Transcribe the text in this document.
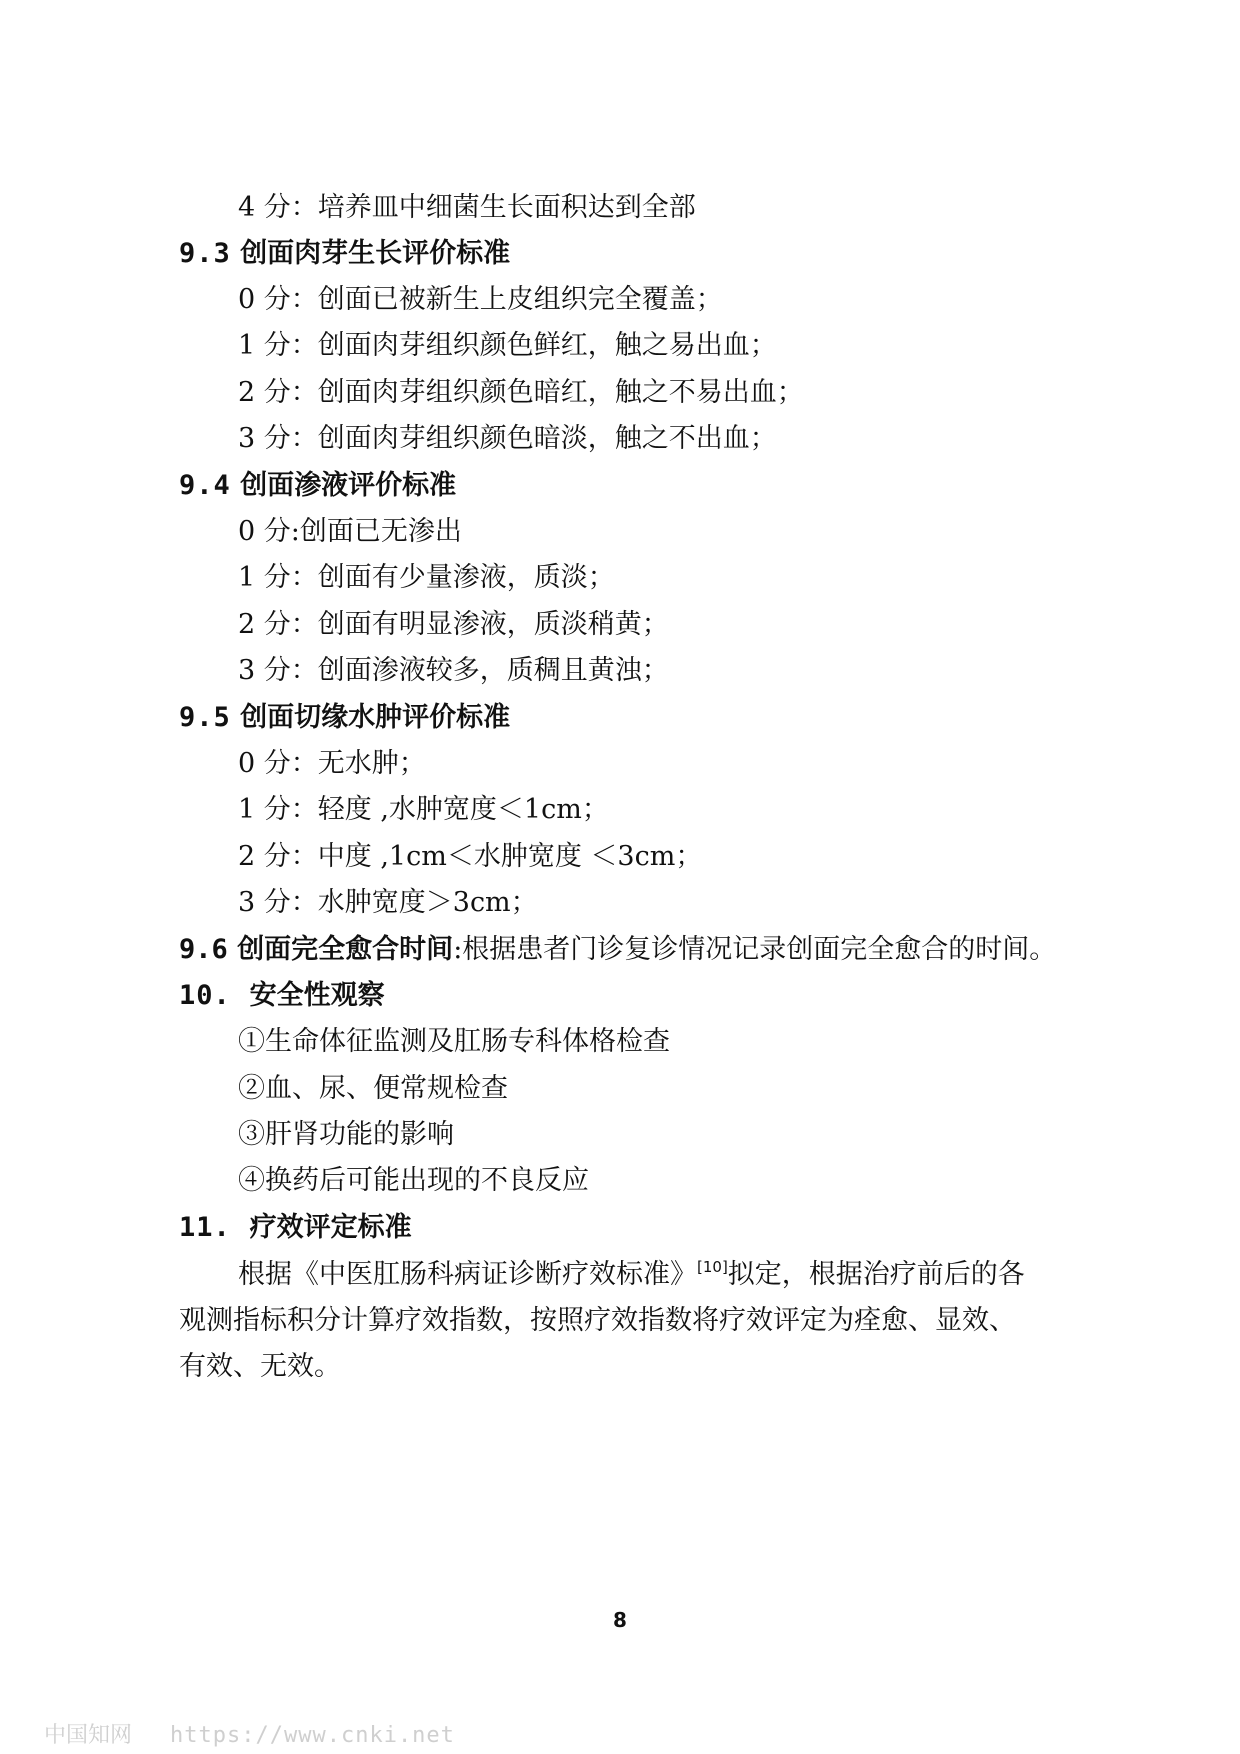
4 分：培养皿中细菌生长面积达到全部
9.3 创面肉芽生长评价标准
0 分：创面已被新生上皮组织完全覆盖；
1 分：创面肉芽组织颜色鲜红，触之易出血；
2 分：创面肉芽组织颜色暗红，触之不易出血；
3 分：创面肉芽组织颜色暗淡，触之不出血；
9.4 创面渗液评价标准
0 分:创面已无渗出
1 分：创面有少量渗液，质淡；
2 分：创面有明显渗液，质淡稍黄；
3 分：创面渗液较多，质稠且黄浊；
9.5 创面切缘水肿评价标准
0 分：无水肿；
1 分：轻度 ,水肿宽度＜1cm；
2 分：中度 ,1cm＜水肿宽度 ＜3cm；
3 分：水肿宽度＞3cm；
9.6 创面完全愈合时间:根据患者门诊复诊情况记录创面完全愈合的时间。
10. 安全性观察
①生命体征监测及肛肠专科体格检查
②血、尿、便常规检查
③肝肾功能的影响
④换药后可能出现的不良反应
11. 疗效评定标准
根据《中医肛肠科病证诊断疗效标准》[10]拟定，根据治疗前后的各
观测指标积分计算疗效指数，按照疗效指数将疗效评定为痊愈、显效、
有效、无效。
8
中国知网 https://www.cnki.net
